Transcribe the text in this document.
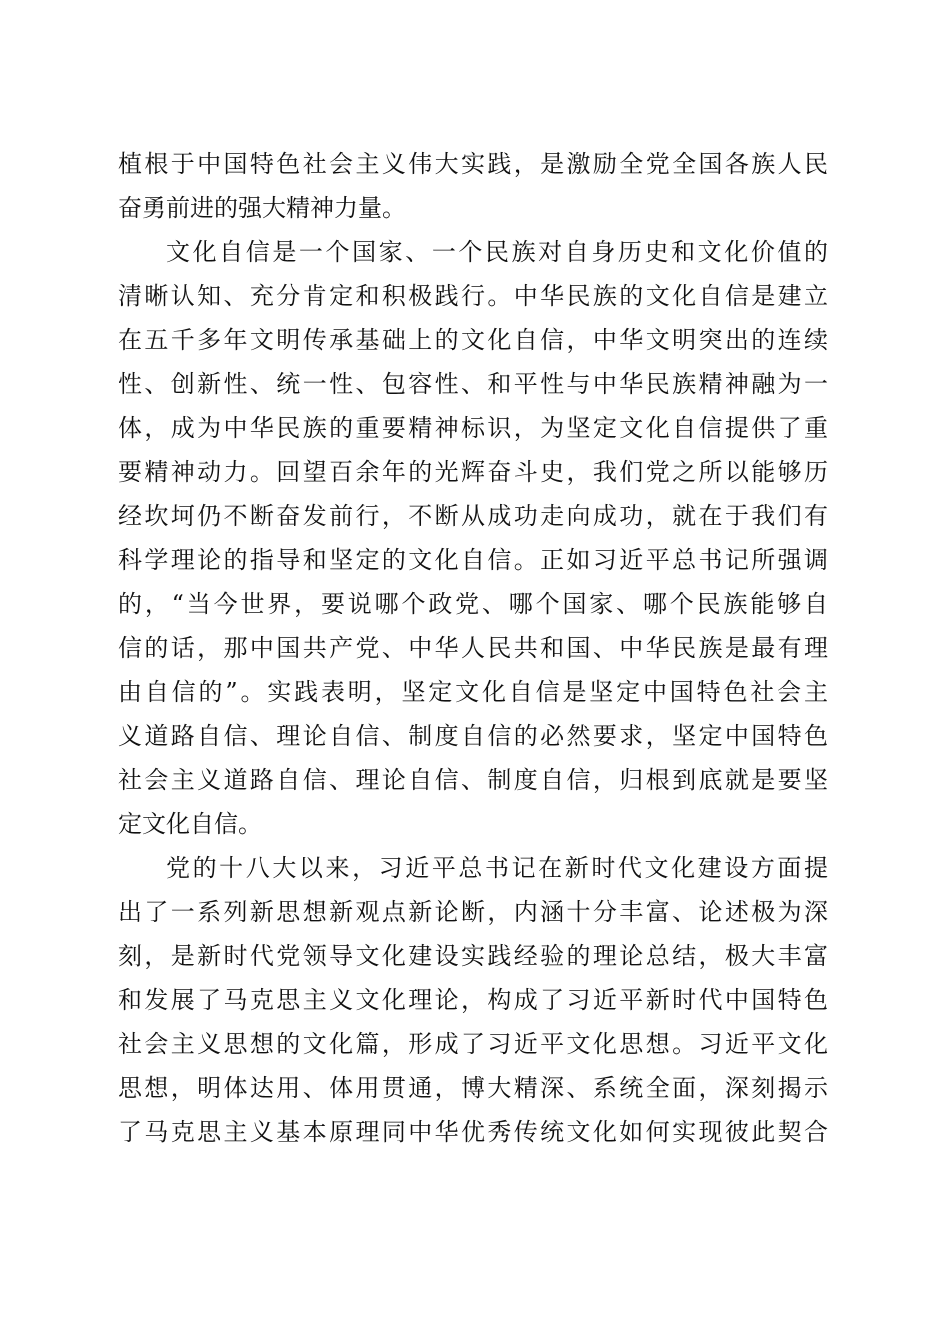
植根于中国特色社会主义伟大实践，是激励全党全国各族人民
奋勇前进的强大精神力量。
文化自信是一个国家、一个民族对自身历史和文化价值的
清晰认知、充分肯定和积极践行。中华民族的文化自信是建立
在五千多年文明传承基础上的文化自信，中华文明突出的连续
性、创新性、统一性、包容性、和平性与中华民族精神融为一
体，成为中华民族的重要精神标识，为坚定文化自信提供了重
要精神动力。回望百余年的光辉奋斗史，我们党之所以能够历
经坎坷仍不断奋发前行，不断从成功走向成功，就在于我们有
科学理论的指导和坚定的文化自信。正如习近平总书记所强调
的，“当今世界，要说哪个政党、哪个国家、哪个民族能够自
信的话，那中国共产党、中华人民共和国、中华民族是最有理
由自信的”。实践表明，坚定文化自信是坚定中国特色社会主
义道路自信、理论自信、制度自信的必然要求，坚定中国特色
社会主义道路自信、理论自信、制度自信，归根到底就是要坚
定文化自信。
党的十八大以来，习近平总书记在新时代文化建设方面提
出了一系列新思想新观点新论断，内涵十分丰富、论述极为深
刻，是新时代党领导文化建设实践经验的理论总结，极大丰富
和发展了马克思主义文化理论，构成了习近平新时代中国特色
社会主义思想的文化篇，形成了习近平文化思想。习近平文化
思想，明体达用、体用贯通，博大精深、系统全面，深刻揭示
了马克思主义基本原理同中华优秀传统文化如何实现彼此契合
